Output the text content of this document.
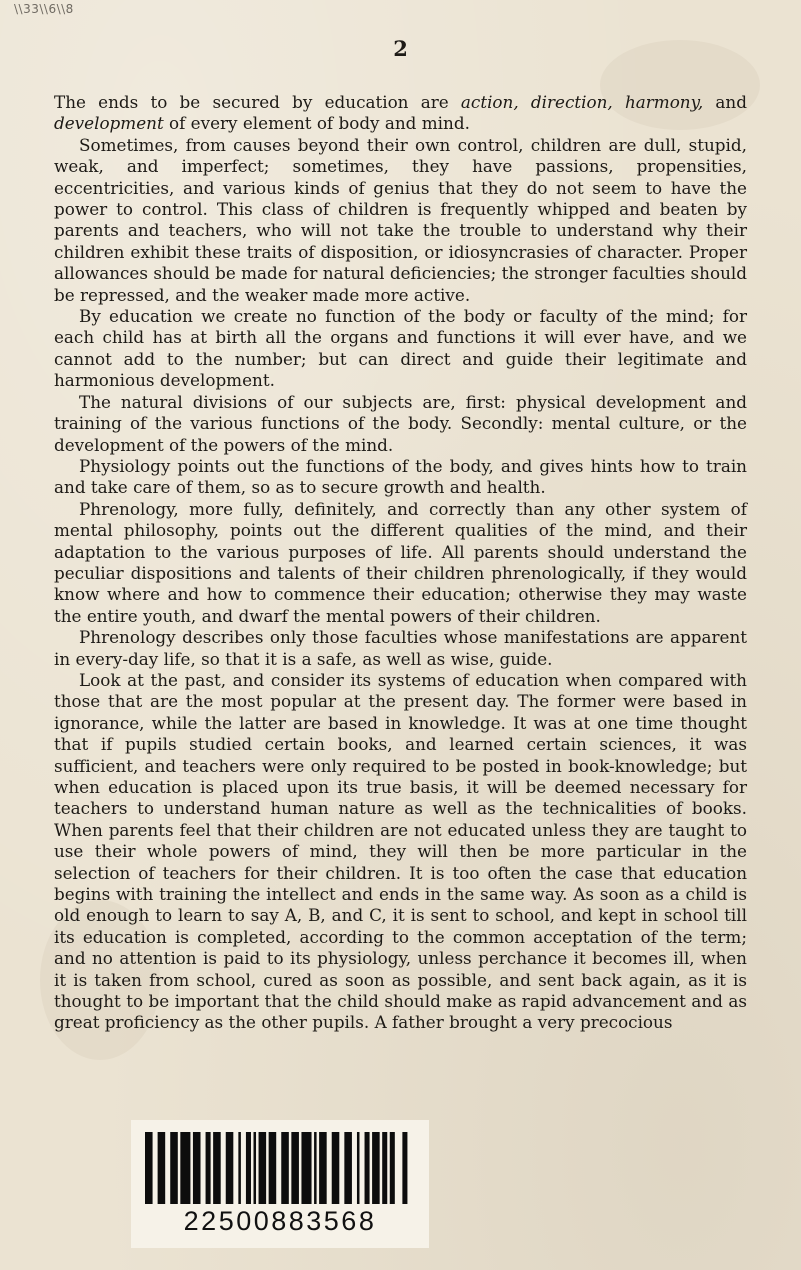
\\33\\6\\8
2

The ends to be secured by education are action, direction, harmony, and development of every element of body and mind.

Sometimes, from causes beyond their own control, children are dull, stupid, weak, and imperfect; sometimes, they have passions, propensities, eccentricities, and various kinds of genius that they do not seem to have the power to control. This class of children is frequently whipped and beaten by parents and teachers, who will not take the trouble to understand why their children exhibit these traits of disposition, or idiosyncrasies of character. Proper allowances should be made for natural deficiencies; the stronger faculties should be repressed, and the weaker made more active.

By education we create no function of the body or faculty of the mind; for each child has at birth all the organs and functions it will ever have, and we cannot add to the number; but can direct and guide their legitimate and harmonious development.

The natural divisions of our subjects are, first: physical development and training of the various functions of the body. Secondly: mental culture, or the development of the powers of the mind.

Physiology points out the functions of the body, and gives hints how to train and take care of them, so as to secure growth and health.

Phrenology, more fully, definitely, and correctly than any other system of mental philosophy, points out the different qualities of the mind, and their adaptation to the various purposes of life. All parents should understand the peculiar dispositions and talents of their children phrenologically, if they would know where and how to commence their education; otherwise they may waste the entire youth, and dwarf the mental powers of their children.

Phrenology describes only those faculties whose manifestations are apparent in every-day life, so that it is a safe, as well as wise, guide.

Look at the past, and consider its systems of education when compared with those that are the most popular at the present day. The former were based in ignorance, while the latter are based in knowledge. It was at one time thought that if pupils studied certain books, and learned certain sciences, it was sufficient, and teachers were only required to be posted in book-knowledge; but when education is placed upon its true basis, it will be deemed necessary for teachers to understand human nature as well as the technicalities of books. When parents feel that their children are not educated unless they are taught to use their whole powers of mind, they will then be more particular in the selection of teachers for their children. It is too often the case that education begins with training the intellect and ends in the same way. As soon as a child is old enough to learn to say A, B, and C, it is sent to school, and kept in school till its education is completed, according to the common acceptation of the term; and no attention is paid to its physiology, unless perchance it becomes ill, when it is taken from school, cured as soon as possible, and sent back again, as it is thought to be important that the child should make as rapid advancement and as great proficiency as the other pupils. A father brought a very precocious

22500883568
